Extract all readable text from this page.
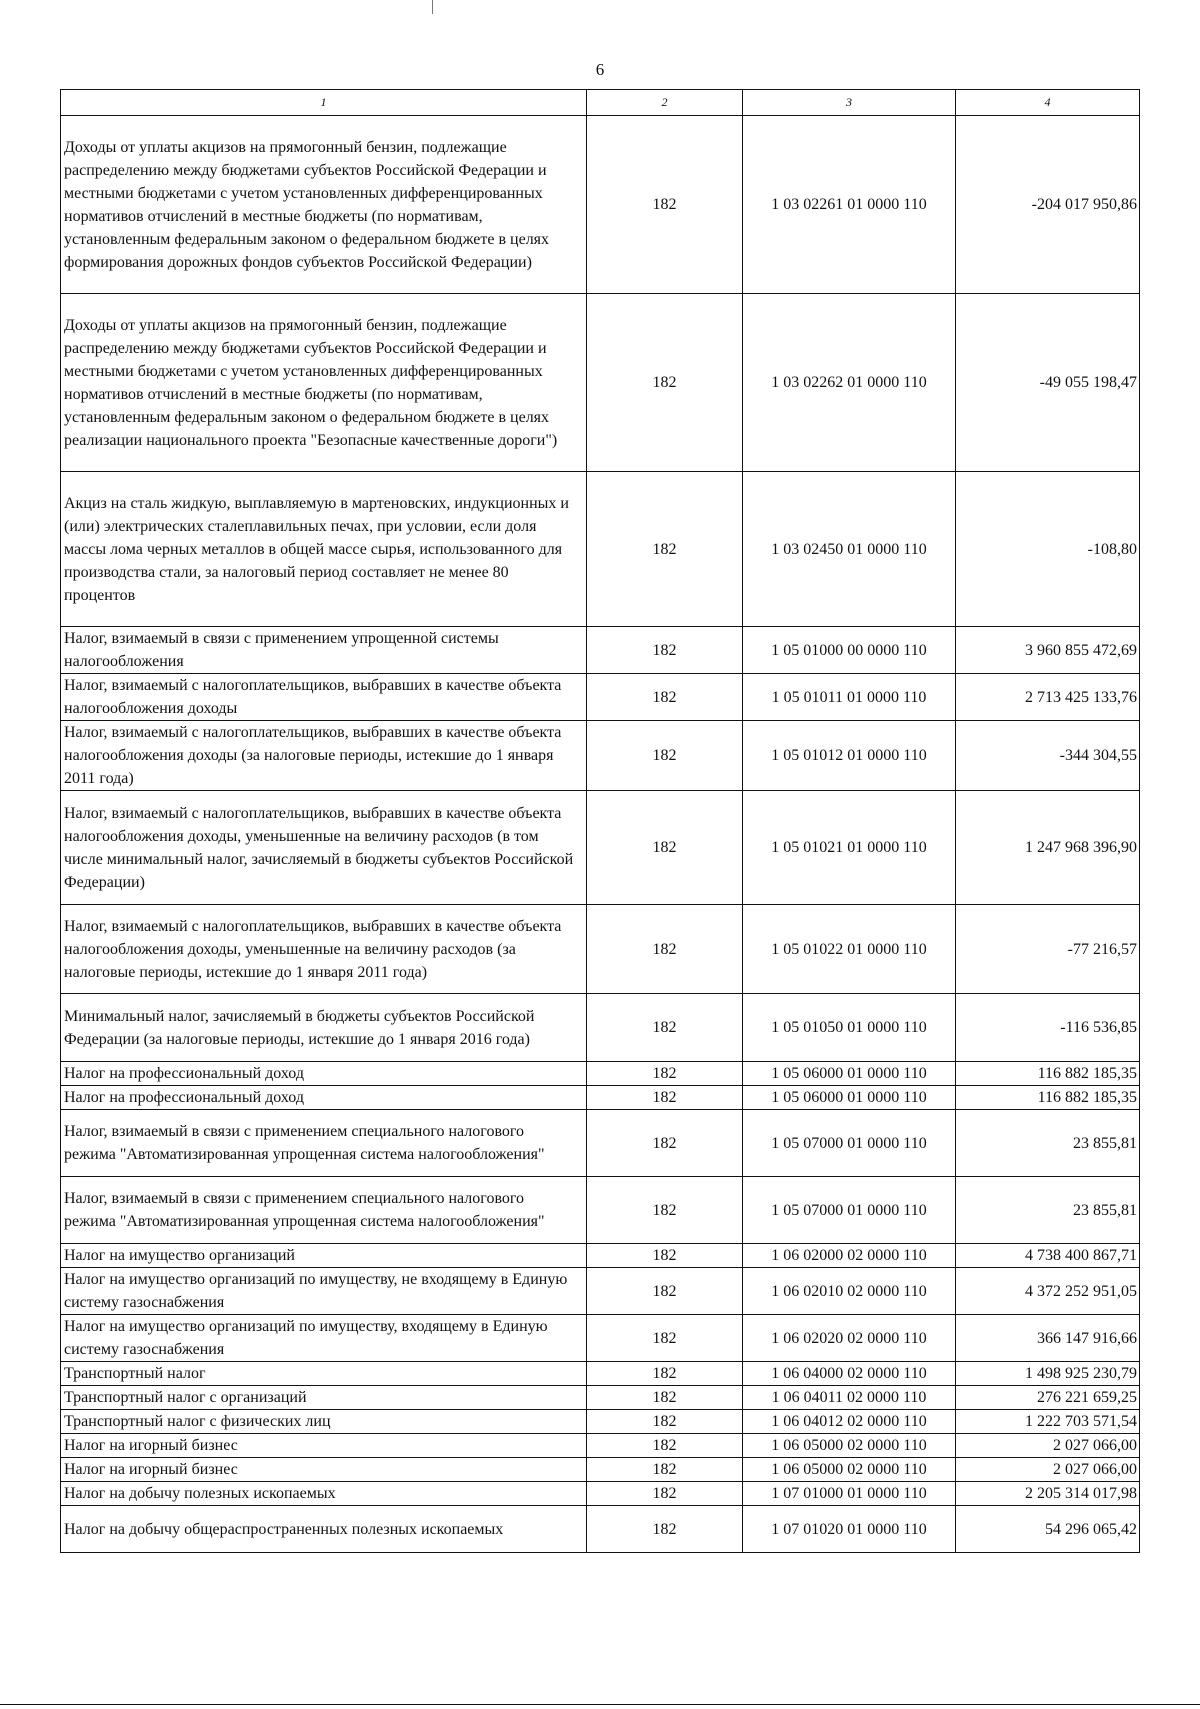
6
1	2	3	4
Доходы от уплаты акцизов на прямогонный бензин, подлежащие распределению между бюджетами субъектов Российской Федерации и местными бюджетами с учетом установленных дифференцированных нормативов отчислений в местные бюджеты (по нормативам, установленным федеральным законом о федеральном бюджете в целях формирования дорожных фондов субъектов Российской Федерации)	182	1 03 02261 01 0000 110	-204 017 950,86
Доходы от уплаты акцизов на прямогонный бензин, подлежащие распределению между бюджетами субъектов Российской Федерации и местными бюджетами с учетом установленных дифференцированных нормативов отчислений в местные бюджеты (по нормативам, установленным федеральным законом о федеральном бюджете в целях реализации национального проекта "Безопасные качественные дороги")	182	1 03 02262 01 0000 110	-49 055 198,47
Акциз на сталь жидкую, выплавляемую в мартеновских, индукционных и (или) электрических сталеплавильных печах, при условии, если доля массы лома черных металлов в общей массе сырья, использованного для производства стали, за налоговый период составляет не менее 80 процентов	182	1 03 02450 01 0000 110	-108,80
Налог, взимаемый в связи с применением упрощенной системы налогообложения	182	1 05 01000 00 0000 110	3 960 855 472,69
Налог, взимаемый с налогоплательщиков, выбравших в качестве объекта налогообложения доходы	182	1 05 01011 01 0000 110	2 713 425 133,76
Налог, взимаемый с налогоплательщиков, выбравших в качестве объекта налогообложения доходы (за налоговые периоды, истекшие до 1 января 2011 года)	182	1 05 01012 01 0000 110	-344 304,55
Налог, взимаемый с налогоплательщиков, выбравших в качестве объекта налогообложения доходы, уменьшенные на величину расходов (в том числе минимальный налог, зачисляемый в бюджеты субъектов Российской Федерации)	182	1 05 01021 01 0000 110	1 247 968 396,90
Налог, взимаемый с налогоплательщиков, выбравших в качестве объекта налогообложения доходы, уменьшенные на величину расходов (за налоговые периоды, истекшие до 1 января 2011 года)	182	1 05 01022 01 0000 110	-77 216,57
Минимальный налог, зачисляемый в бюджеты субъектов Российской Федерации (за налоговые периоды, истекшие до 1 января 2016 года)	182	1 05 01050 01 0000 110	-116 536,85
Налог на профессиональный доход	182	1 05 06000 01 0000 110	116 882 185,35
Налог на профессиональный доход	182	1 05 06000 01 0000 110	116 882 185,35
Налог, взимаемый в связи с применением специального налогового режима "Автоматизированная упрощенная система налогообложения"	182	1 05 07000 01 0000 110	23 855,81
Налог, взимаемый в связи с применением специального налогового режима "Автоматизированная упрощенная система налогообложения"	182	1 05 07000 01 0000 110	23 855,81
Налог на имущество организаций	182	1 06 02000 02 0000 110	4 738 400 867,71
Налог на имущество организаций по имуществу, не входящему в Единую систему газоснабжения	182	1 06 02010 02 0000 110	4 372 252 951,05
Налог на имущество организаций по имуществу, входящему в Единую систему газоснабжения	182	1 06 02020 02 0000 110	366 147 916,66
Транспортный налог	182	1 06 04000 02 0000 110	1 498 925 230,79
Транспортный налог с организаций	182	1 06 04011 02 0000 110	276 221 659,25
Транспортный налог с физических лиц	182	1 06 04012 02 0000 110	1 222 703 571,54
Налог на игорный бизнес	182	1 06 05000 02 0000 110	2 027 066,00
Налог на игорный бизнес	182	1 06 05000 02 0000 110	2 027 066,00
Налог на добычу полезных ископаемых	182	1 07 01000 01 0000 110	2 205 314 017,98
Налог на добычу общераспространенных полезных ископаемых	182	1 07 01020 01 0000 110	54 296 065,42
